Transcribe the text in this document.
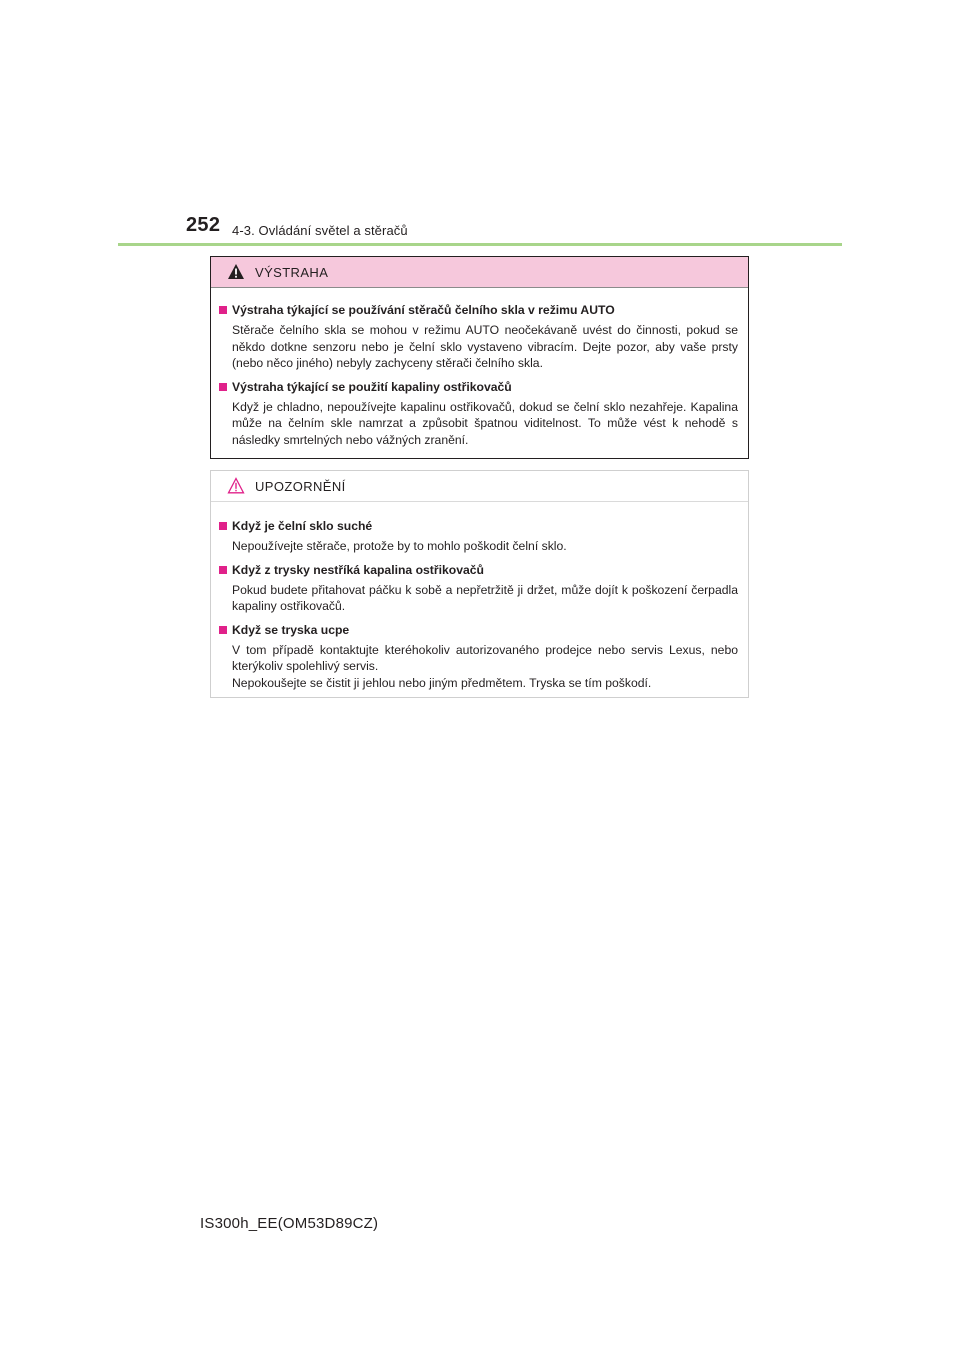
252 4-3. Ovládání světel a stěračů
VÝSTRAHA
Výstraha týkající se používání stěračů čelního skla v režimu AUTO
Stěrače čelního skla se mohou v režimu AUTO neočekávaně uvést do činnosti, pokud se někdo dotkne senzoru nebo je čelní sklo vystaveno vibracím. Dejte pozor, aby vaše prsty (nebo něco jiného) nebyly zachyceny stěrači čelního skla.
Výstraha týkající se použití kapaliny ostřikovačů
Když je chladno, nepoužívejte kapalinu ostřikovačů, dokud se čelní sklo nezahřeje. Kapalina může na čelním skle namrzat a způsobit špatnou viditelnost. To může vést k nehodě s následky smrtelných nebo vážných zranění.
UPOZORNĚNÍ
Když je čelní sklo suché
Nepoužívejte stěrače, protože by to mohlo poškodit čelní sklo.
Když z trysky nestříká kapalina ostřikovačů
Pokud budete přitahovat páčku k sobě a nepřetržitě ji držet, může dojít k poškození čerpadla kapaliny ostřikovačů.
Když se tryska ucpe
V tom případě kontaktujte kteréhokoliv autorizovaného prodejce nebo servis Lexus, nebo kterýkoliv spolehlivý servis.
Nepokoušejte se čistit ji jehlou nebo jiným předmětem. Tryska se tím poškodí.
IS300h_EE(OM53D89CZ)
